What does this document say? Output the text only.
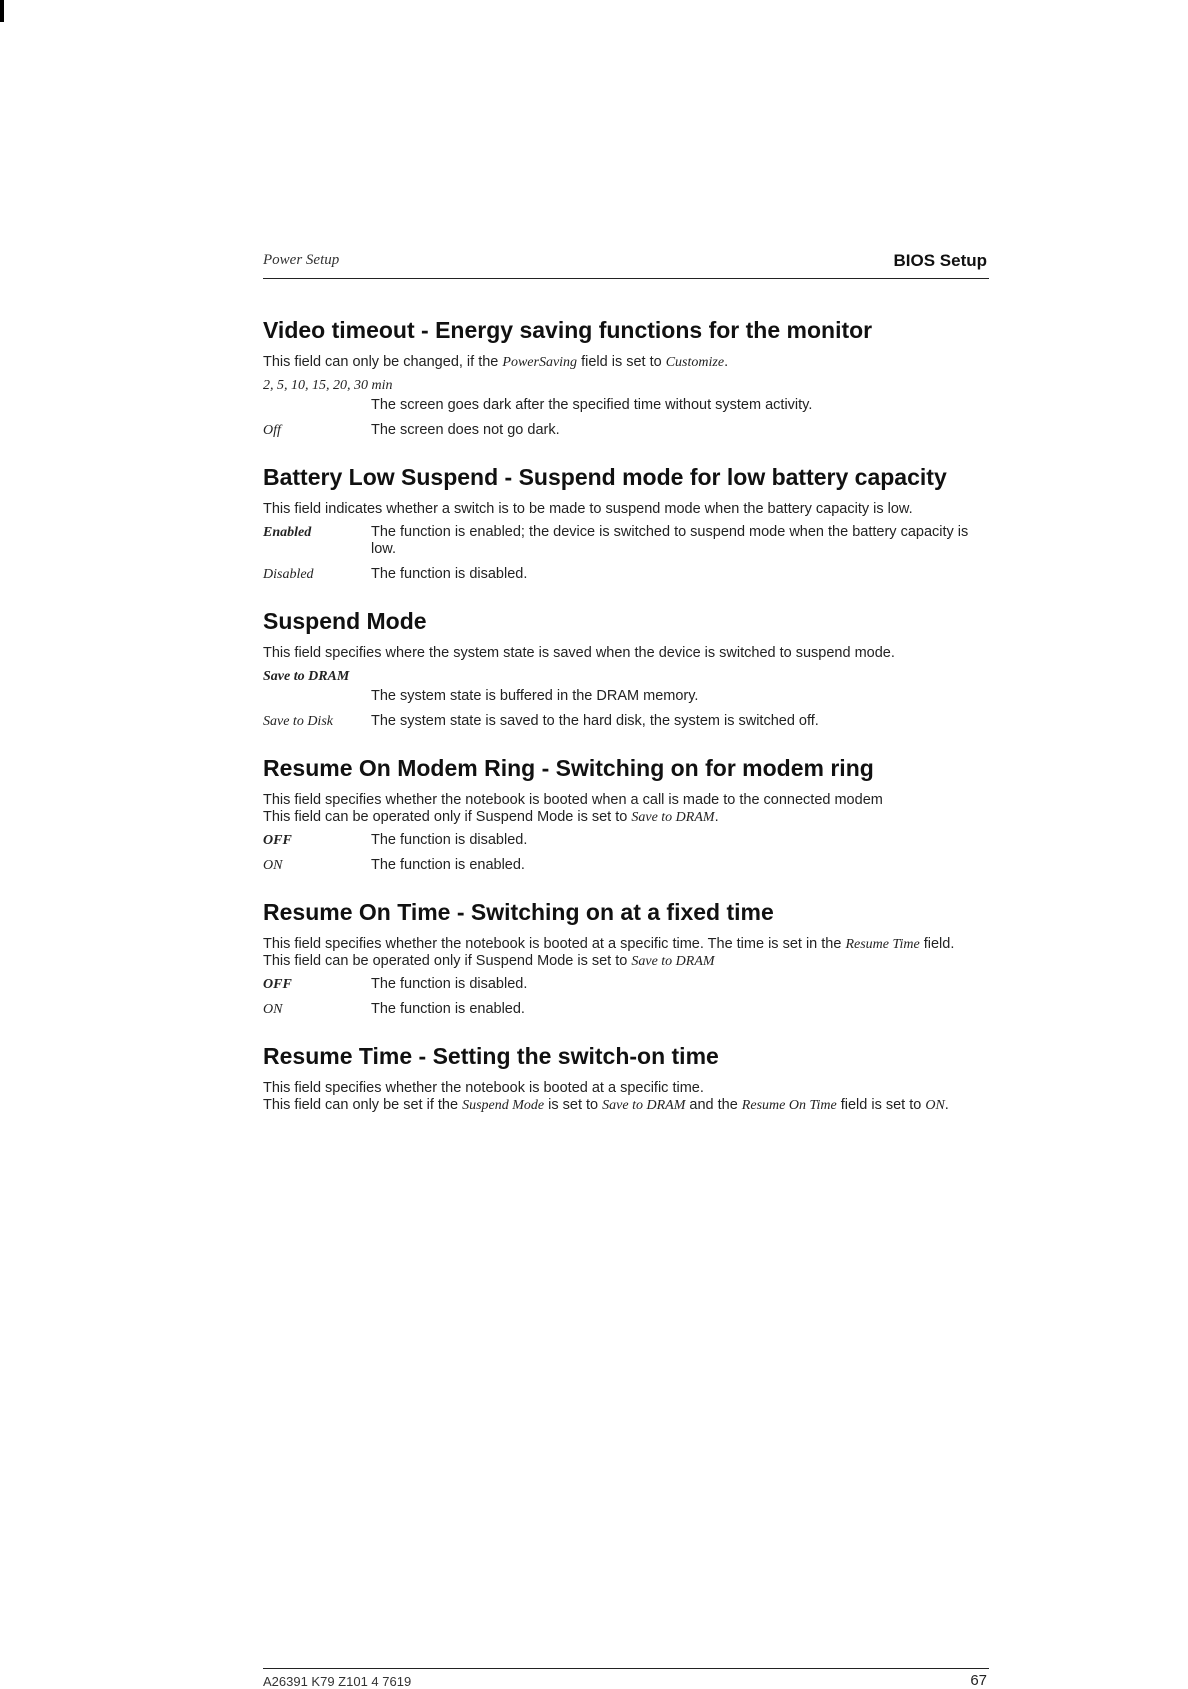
Power Setup	BIOS Setup
Video timeout - Energy saving functions for the monitor

This field can only be changed, if the PowerSaving field is set to Customize.

2, 5, 10, 15, 20, 30 min
The screen goes dark after the specified time without system activity.
Off	The screen does not go dark.
Battery Low Suspend - Suspend mode for low battery capacity

This field indicates whether a switch is to be made to suspend mode when the battery capacity is low.

Enabled	The function is enabled; the device is switched to suspend mode when the battery capacity is low.
Disabled	The function is disabled.
Suspend Mode

This field specifies where the system state is saved when the device is switched to suspend mode.

Save to DRAM
The system state is buffered in the DRAM memory.
Save to Disk	The system state is saved to the hard disk, the system is switched off.
Resume On Modem Ring - Switching on for modem ring

This field specifies whether the notebook is booted when a call is made to the connected modem
This field can be operated only if Suspend Mode is set to Save to DRAM.

OFF	The function is disabled.
ON	The function is enabled.
Resume On Time - Switching on at a fixed time

This field specifies whether the notebook is booted at a specific time. The time is set in the Resume Time field.
This field can be operated only if Suspend Mode is set to Save to DRAM

OFF	The function is disabled.
ON	The function is enabled.
Resume Time - Setting the switch-on time

This field specifies whether the notebook is booted at a specific time.
This field can only be set if the Suspend Mode is set to Save to DRAM and the Resume On Time field is set to ON.

A26391 K79 Z101 4 7619	67
